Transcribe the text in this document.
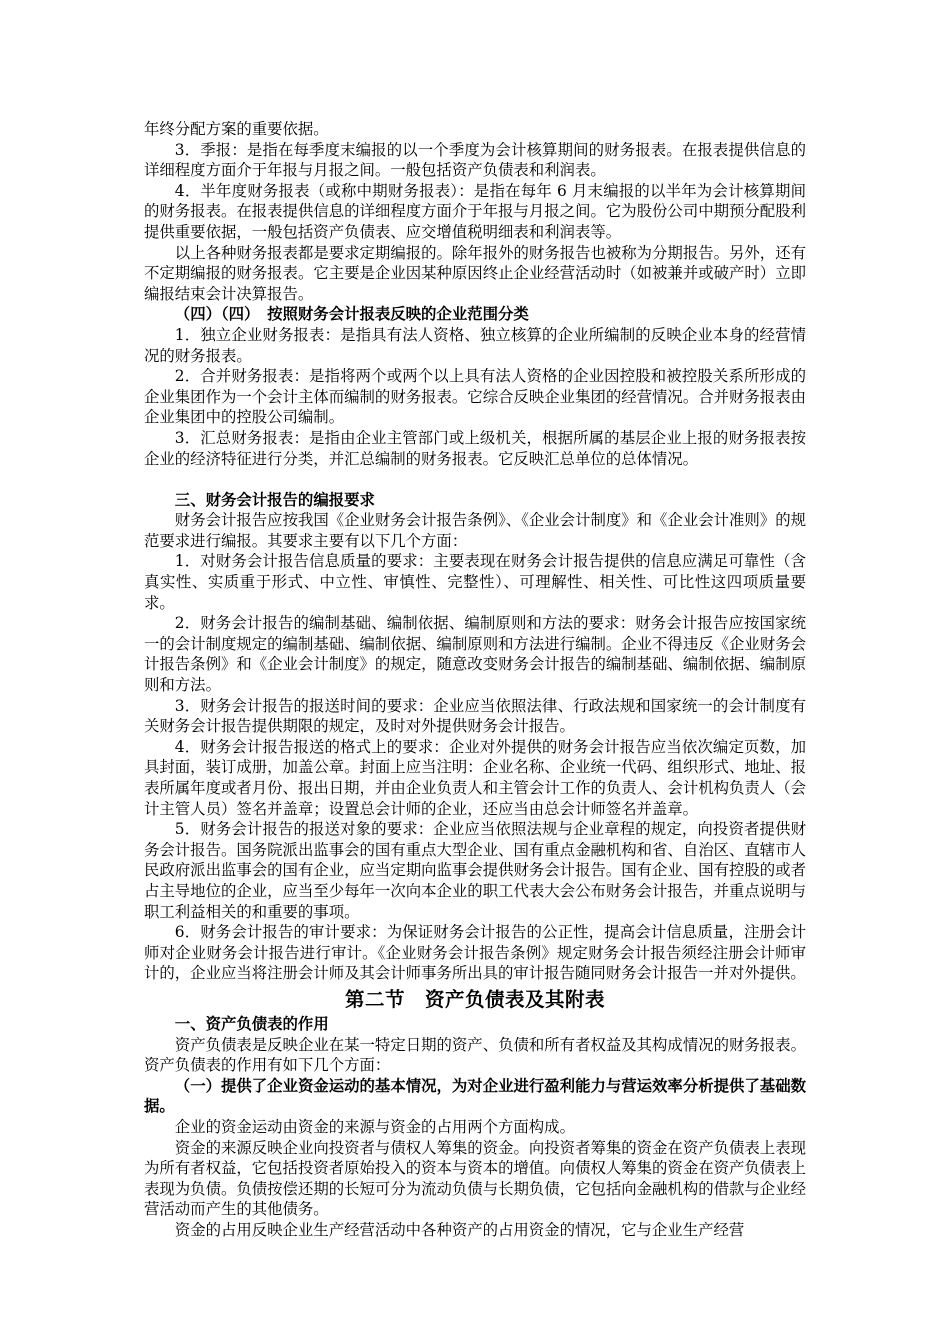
年终分配方案的重要依据。

3．季报：是指在每季度末编报的以一个季度为会计核算期间的财务报表。在报表提供信息的详细程度方面介于年报与月报之间。一般包括资产负债表和利润表。

4．半年度财务报表（或称中期财务报表）：是指在每年 6 月末编报的以半年为会计核算期间的财务报表。在报表提供信息的详细程度方面介于年报与月报之间。它为股份公司中期预分配股利提供重要依据，一般包括资产负债表、应交增值税明细表和利润表等。

以上各种财务报表都是要求定期编报的。除年报外的财务报告也被称为分期报告。另外，还有不定期编报的财务报表。它主要是企业因某种原因终止企业经营活动时（如被兼并或破产时）立即编报结束会计决算报告。

（四）（四）　按照财务会计报表反映的企业范围分类

1．独立企业财务报表：是指具有法人资格、独立核算的企业所编制的反映企业本身的经营情况的财务报表。

2．合并财务报表：是指将两个或两个以上具有法人资格的企业因控股和被控股关系所形成的企业集团作为一个会计主体而编制的财务报表。它综合反映企业集团的经营情况。合并财务报表由企业集团中的控股公司编制。

3．汇总财务报表：是指由企业主管部门或上级机关，根据所属的基层企业上报的财务报表按企业的经济特征进行分类，并汇总编制的财务报表。它反映汇总单位的总体情况。

三、财务会计报告的编报要求

财务会计报告应按我国《企业财务会计报告条例》、《企业会计制度》和《企业会计准则》的规范要求进行编报。其要求主要有以下几个方面：

1．对财务会计报告信息质量的要求：主要表现在财务会计报告提供的信息应满足可靠性（含真实性、实质重于形式、中立性、审慎性、完整性）、可理解性、相关性、可比性这四项质量要求。

2．财务会计报告的编制基础、编制依据、编制原则和方法的要求：财务会计报告应按国家统一的会计制度规定的编制基础、编制依据、编制原则和方法进行编制。企业不得违反《企业财务会计报告条例》和《企业会计制度》的规定，随意改变财务会计报告的编制基础、编制依据、编制原则和方法。

3．财务会计报告的报送时间的要求：企业应当依照法律、行政法规和国家统一的会计制度有关财务会计报告提供期限的规定，及时对外提供财务会计报告。

4．财务会计报告报送的格式上的要求：企业对外提供的财务会计报告应当依次编定页数，加具封面，装订成册，加盖公章。封面上应当注明：企业名称、企业统一代码、组织形式、地址、报表所属年度或者月份、报出日期，并由企业负责人和主管会计工作的负责人、会计机构负责人（会计主管人员）签名并盖章；设置总会计师的企业，还应当由总会计师签名并盖章。

5．财务会计报告的报送对象的要求：企业应当依照法规与企业章程的规定，向投资者提供财务会计报告。国务院派出监事会的国有重点大型企业、国有重点金融机构和省、自治区、直辖市人民政府派出监事会的国有企业，应当定期向监事会提供财务会计报告。国有企业、国有控股的或者占主导地位的企业，应当至少每年一次向本企业的职工代表大会公布财务会计报告，并重点说明与职工利益相关的和重要的事项。

6．财务会计报告的审计要求：为保证财务会计报告的公正性，提高会计信息质量，注册会计师对企业财务会计报告进行审计。《企业财务会计报告条例》规定财务会计报告须经注册会计师审计的，企业应当将注册会计师及其会计师事务所出具的审计报告随同财务会计报告一并对外提供。

第二节　资产负债表及其附表

一、资产负债表的作用

资产负债表是反映企业在某一特定日期的资产、负债和所有者权益及其构成情况的财务报表。资产负债表的作用有如下几个方面：

（一）提供了企业资金运动的基本情况，为对企业进行盈利能力与营运效率分析提供了基础数据。

企业的资金运动由资金的来源与资金的占用两个方面构成。

资金的来源反映企业向投资者与债权人筹集的资金。向投资者筹集的资金在资产负债表上表现为所有者权益，它包括投资者原始投入的资本与资本的增值。向债权人筹集的资金在资产负债表上表现为负债。负债按偿还期的长短可分为流动负债与长期负债，它包括向金融机构的借款与企业经营活动而产生的其他债务。

资金的占用反映企业生产经营活动中各种资产的占用资金的情况，它与企业生产经营
